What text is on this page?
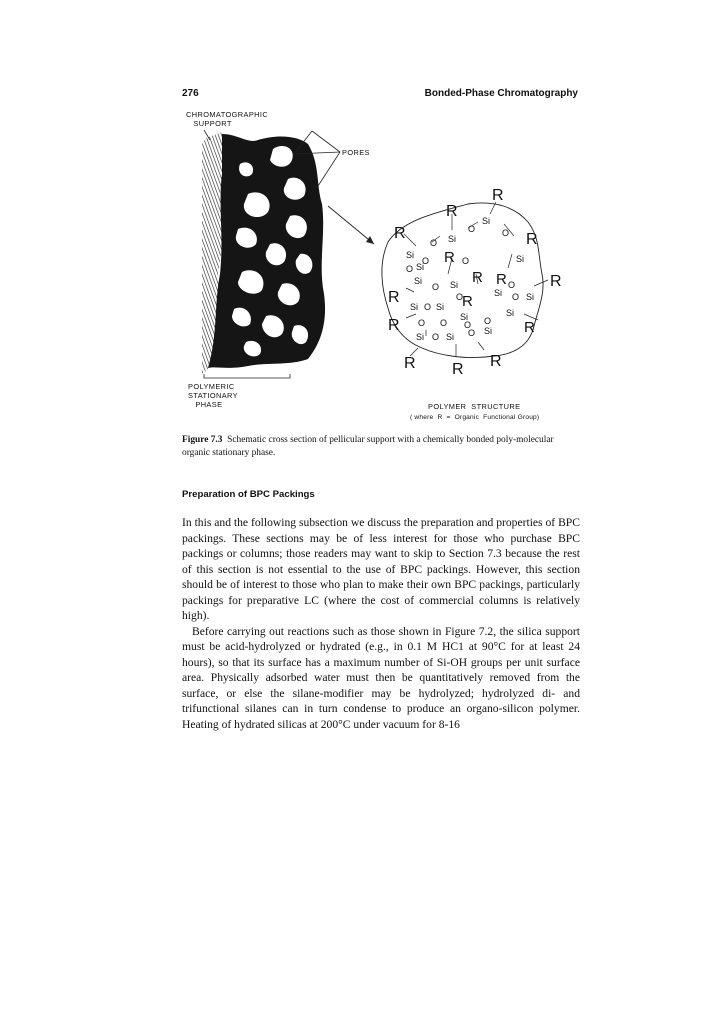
276	Bonded-Phase Chromatography
R
R
R	R
R
R R	R
R	R
R	R
R R R
Si
Si
Si	Si
Si
Si	Si
Si	Si
Si Si
Si	Si
Si Si
Si
O	O
O
O	O
O
O	O
O
O
O
O O O O
O	O
CHROMATOGRAPHIC
SUPPORT
PORES
POLYMERIC
STATIONARY
PHASE	POLYMER  STRUCTURE
( where  R  =  Organic  Functional Group)
Figure 7.3 Schematic cross section of pellicular support with a chemically bonded poly-molecular organic stationary phase.
Preparation of BPC Packings

In this and the following subsection we discuss the preparation and properties of BPC packings. These sections may be of less interest for those who purchase BPC packings or columns; those readers may want to skip to Section 7.3 because the rest of this section is not essential to the use of BPC packings. However, this section should be of interest to those who plan to make their own BPC packings, particularly packings for preparative LC (where the cost of commercial columns is relatively high).

Before carrying out reactions such as those shown in Figure 7.2, the silica support must be acid-hydrolyzed or hydrated (e.g., in 0.1 M HC1 at 90°C for at least 24 hours), so that its surface has a maximum number of Si-OH groups per unit surface area. Physically adsorbed water must then be quantitatively removed from the surface, or else the silane-modifier may be hydrolyzed; hydrolyzed di- and trifunctional silanes can in turn condense to produce an organo-silicon polymer. Heating of hydrated silicas at 200°C under vacuum for 8-16
